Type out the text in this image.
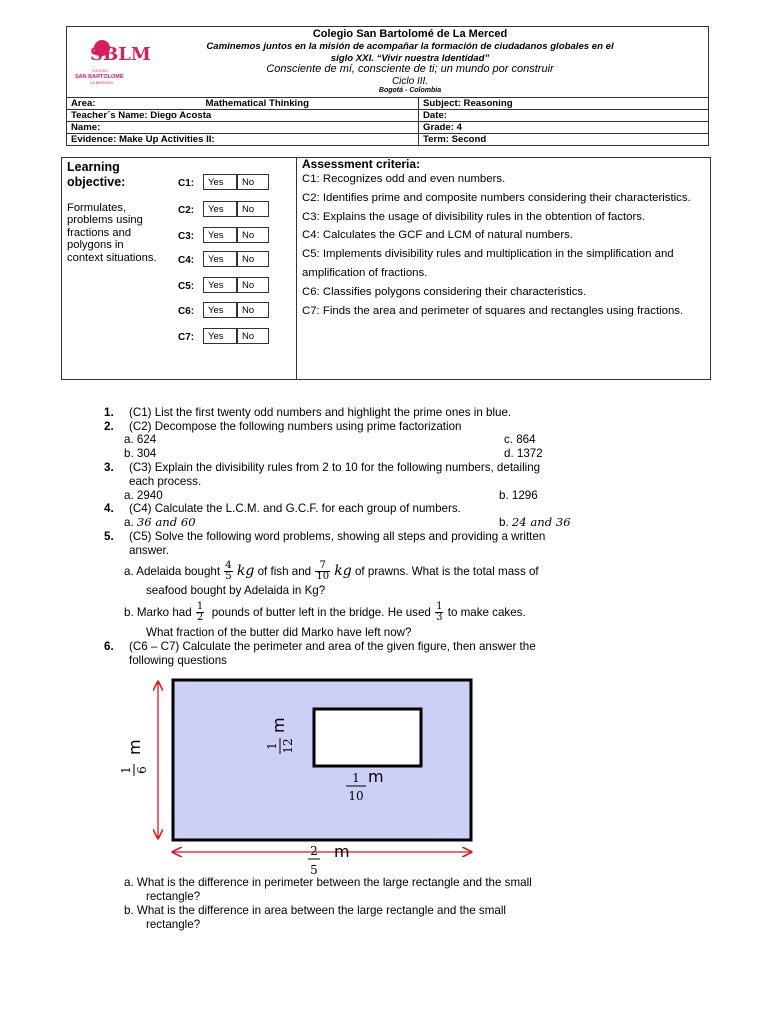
SBLM
COLEGIO
SAN BARTOLOMÉ
LA MERCED
Colegio San Bartolomé de La Merced
Caminemos juntos en la misión de acompañar la formación de ciudadanos globales en el
siglo XXI. “Vivir nuestra Identidad”
Consciente de mí, consciente de ti; un mundo por construir
Ciclo III.
Bogotá - Colombia
Area: Mathematical Thinking	Subject: Reasoning
Teacher´s Name: Diego Acosta	Date:
Name:	Grade: 4
Evidence: Make Up Activities II:	Term: Second
Learning objective:
Formulates, problems using fractions and polygons in context situations.
C1:	Yes	No
C2:	Yes	No
C3:	Yes	No
C4:	Yes	No
C5:	Yes	No
C6:	Yes	No
C7:	Yes	No
Assessment criteria:
C1: Recognizes odd and even numbers.
C2: Identifies prime and composite numbers considering their characteristics.
C3: Explains the usage of divisibility rules in the obtention of factors.
C4: Calculates the GCF and LCM of natural numbers.
C5: Implements divisibility rules and multiplication in the simplification and amplification of fractions.
C6: Classifies polygons considering their characteristics.
C7: Finds the area and perimeter of squares and rectangles using fractions.
1. (C1) List the first twenty odd numbers and highlight the prime ones in blue.
2. (C2) Decompose the following numbers using prime factorization
a. 624	c. 864
b. 304	d. 1372
3. (C3) Explain the divisibility rules from 2 to 10 for the following numbers, detailing
each process.
a. 2940	b. 1296
4. (C4) Calculate the L.C.M. and G.C.F. for each group of numbers.
a. 36 and 60	b. 24 and 36
5. (C5) Solve the following word problems, showing all steps and providing a written
answer.
a. Adelaida bought $\frac{4}{5}$ kg of fish and $\frac{7}{10}$ kg of prawns. What is the total mass of
seafood bought by Adelaida in Kg?
b. Marko had $\frac{1}{2}$ pounds of butter left in the bridge. He used $\frac{1}{3}$ to make cakes.
What fraction of the butter did Marko have left now?
6. (C6 – C7) Calculate the perimeter and area of the given figure, then answer the
following questions
1 6
m	1 12
m
1
10
m
2
5
m
a. What is the difference in perimeter between the large rectangle and the small
rectangle?
b. What is the difference in area between the large rectangle and the small
rectangle?
